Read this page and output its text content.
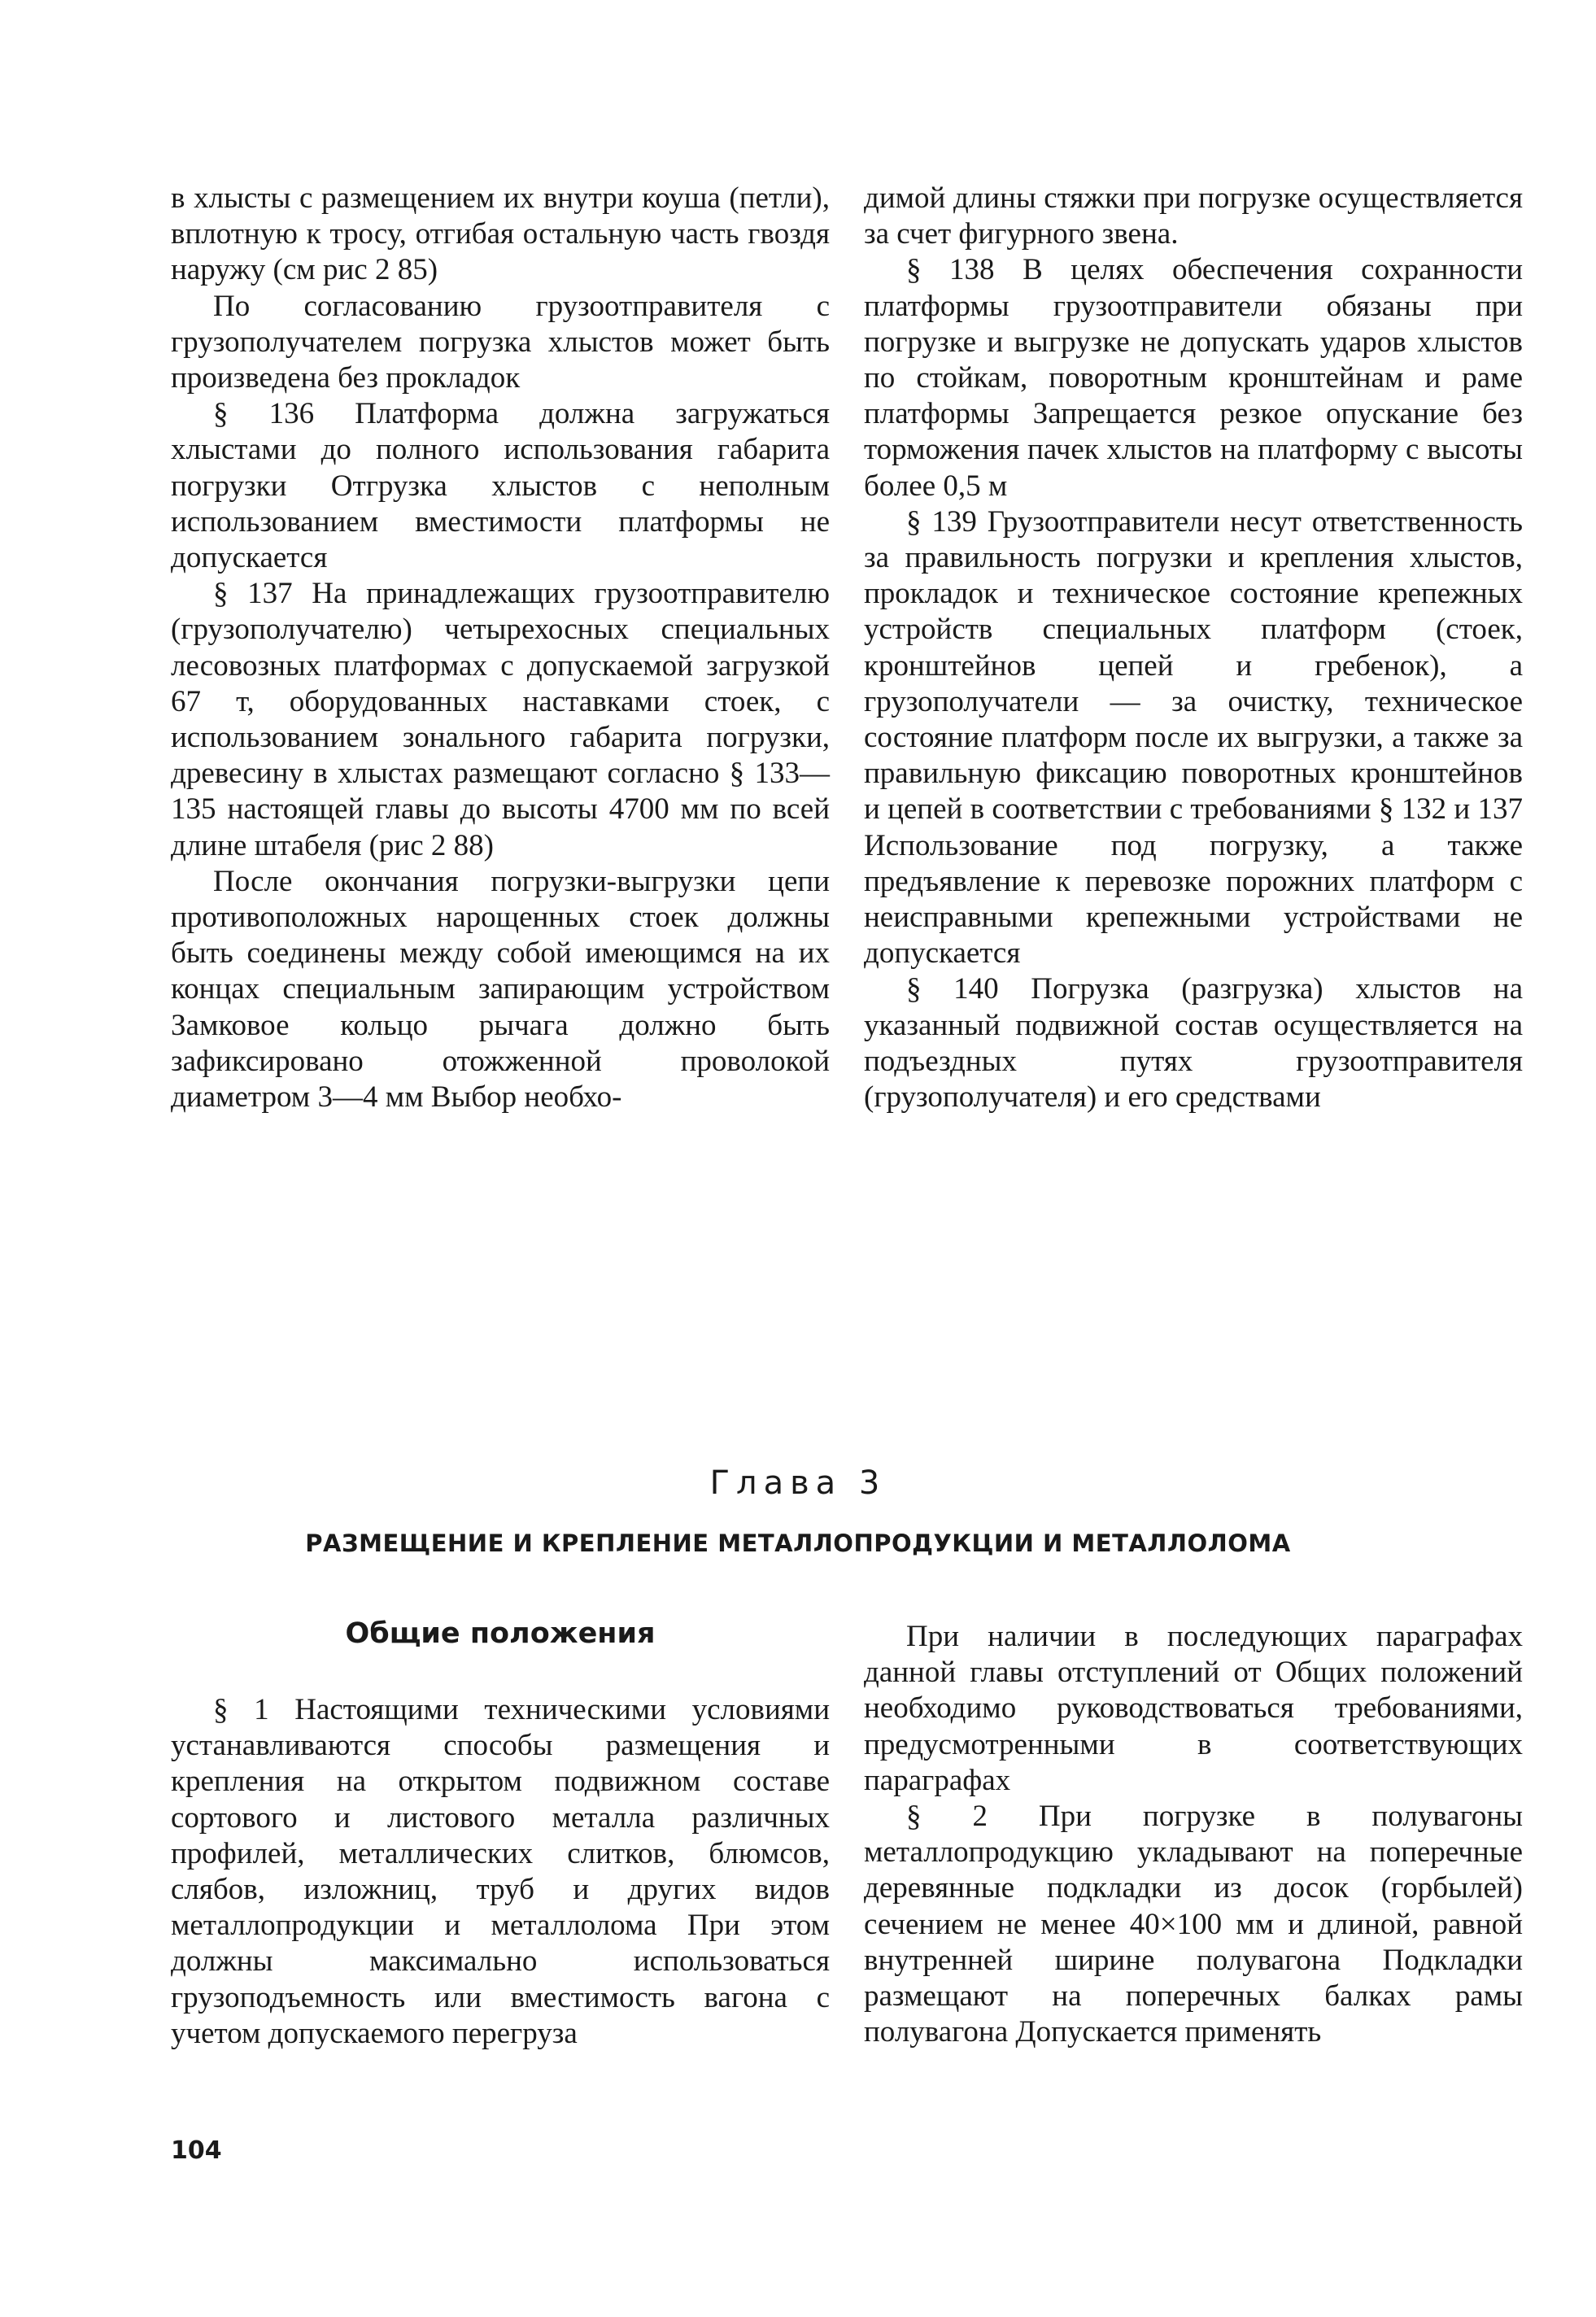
в хлысты с размещением их внутри коуша (петли), вплотную к тросу, отгибая остальную часть гвоздя наружу (см рис 2 85)

По согласованию грузоотправителя с грузополучателем погрузка хлыстов может быть произведена без прокладок

§ 136 Платформа должна загружаться хлыстами до полного использования габарита погрузки Отгрузка хлыстов с неполным использованием вместимости платформы не допускается

§ 137 На принадлежащих грузоотправителю (грузополучателю) четырехосных специальных лесовозных платформах с допускаемой загрузкой 67 т, оборудованных наставками стоек, с использованием зонального габарита погрузки, древесину в хлыстах размещают согласно § 133—135 настоящей главы до высоты 4700 мм по всей длине штабеля (рис 2 88)

После окончания погрузки-выгрузки цепи противоположных нарощенных стоек должны быть соединены между собой имеющимся на их концах специальным запирающим устройством Замковое кольцо рычага должно быть зафиксировано отожженной проволокой диаметром 3—4 мм Выбор необхо-

димой длины стяжки при погрузке осуществляется за счет фигурного звена.

§ 138 В целях обеспечения сохранности платформы грузоотправители обязаны при погрузке и выгрузке не допускать ударов хлыстов по стойкам, поворотным кронштейнам и раме платформы Запрещается резкое опускание без торможения пачек хлыстов на платформу с высоты более 0,5 м

§ 139 Грузоотправители несут ответственность за правильность погрузки и крепления хлыстов, прокладок и техническое состояние крепежных устройств специальных платформ (стоек, кронштейнов цепей и гребенок), а грузополучатели — за очистку, техническое состояние платформ после их выгрузки, а также за правильную фиксацию поворотных кронштейнов и цепей в соответствии с требованиями § 132 и 137 Использование под погрузку, а также предъявление к перевозке порожних платформ с неисправными крепежными устройствами не допускается

§ 140 Погрузка (разгрузка) хлыстов на указанный подвижной состав осуществляется на подъездных путях грузоотправителя (грузополучателя) и его средствами

Глава 3
РАЗМЕЩЕНИЕ И КРЕПЛЕНИЕ МЕТАЛЛОПРОДУКЦИИ И МЕТАЛЛОЛОМА
Общие положения

§ 1 Настоящими техническими условиями устанавливаются способы размещения и крепления на открытом подвижном составе сортового и листового металла различных профилей, металлических слитков, блюмсов, слябов, изложниц, труб и других видов металлопродукции и металлолома При этом должны максимально использоваться грузоподъемность или вместимость вагона с учетом допускаемого перегруза

При наличии в последующих параграфах данной главы отступлений от Общих положений необходимо руководствоваться требованиями, предусмотренными в соответствующих параграфах

§ 2 При погрузке в полувагоны металлопродукцию укладывают на поперечные деревянные подкладки из досок (горбылей) сечением не менее 40×100 мм и длиной, равной внутренней ширине полувагона Подкладки размещают на поперечных балках рамы полувагона Допускается применять

104
